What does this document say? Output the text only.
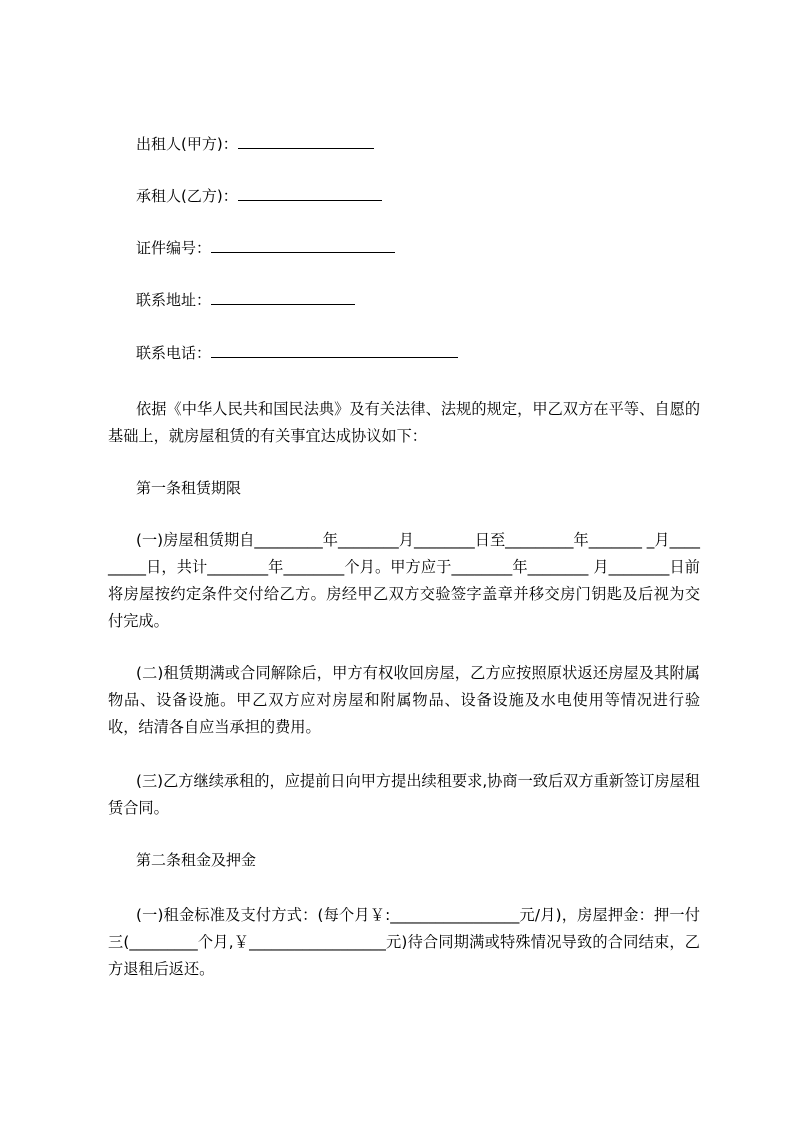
出租人(甲方)：
承租人(乙方)：
证件编号：
联系地址：
联系电话：
依据《中华人民共和国民法典》及有关法律、法规的规定，甲乙双方在平等、自愿的基础上，就房屋租赁的有关事宜达成协议如下：
第一条租赁期限
(一)房屋租赁期自_________年________月________日至_________年_______ _月_________日，共计________年________个月。甲方应于________年________ 月________日前将房屋按约定条件交付给乙方。房经甲乙双方交验签字盖章并移交房门钥匙及后视为交付完成。
(二)租赁期满或合同解除后，甲方有权收回房屋，乙方应按照原状返还房屋及其附属物品、设备设施。甲乙双方应对房屋和附属物品、设备设施及水电使用等情况进行验收，结清各自应当承担的费用。
(三)乙方继续承租的，应提前日向甲方提出续租要求,协商一致后双方重新签订房屋租赁合同。
第二条租金及押金
(一)租金标准及支付方式：(每个月￥:_________________元/月)，房屋押金：押一付三(_________个月,￥__________________元)待合同期满或特殊情况导致的合同结束，乙方退租后返还。
